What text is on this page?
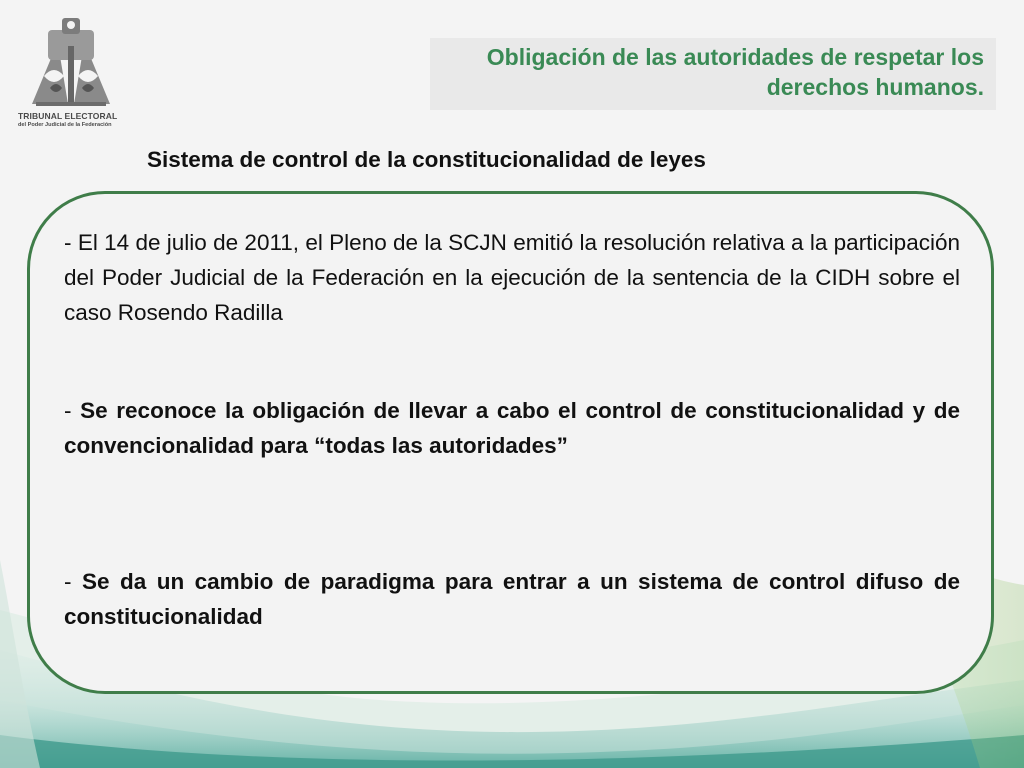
TRIBUNAL ELECTORAL
del Poder Judicial de la Federación
Obligación de las autoridades de respetar los derechos humanos.
Sistema de control de la constitucionalidad de leyes
- El 14 de julio de 2011, el Pleno de la SCJN emitió la resolución relativa a la participación del Poder Judicial de la Federación en la ejecución de la sentencia de la CIDH sobre el caso Rosendo Radilla
- Se reconoce la obligación de llevar a cabo el control de constitucionalidad y de convencionalidad para “todas las autoridades”
- Se da un cambio de paradigma para entrar a un sistema de control difuso de constitucionalidad
